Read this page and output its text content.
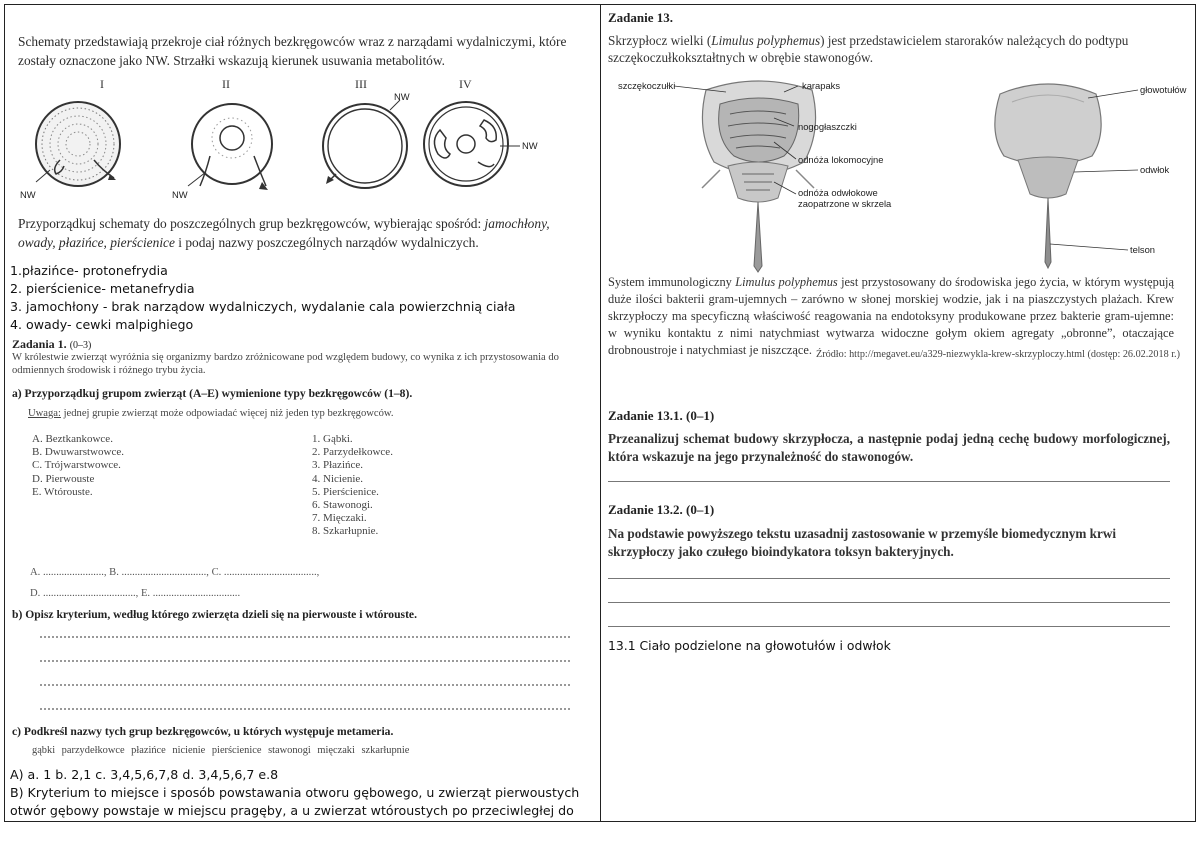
Schematy przedstawiają przekroje ciał różnych bezkręgowców wraz z narządami wydalniczymi, które zostały oznaczone jako NW. Strzałki wskazują kierunek usuwania metabolitów.
I	II	III	IV
NW	NW
NW
NW
Przyporządkuj schematy do poszczególnych grup bezkręgowców, wybierając spośród: jamochłony, owady, płazińce, pierścienice i podaj nazwy poszczególnych narządów wydalniczych.
1.płazińce- protonefrydia
2. pierścienice- metanefrydia
3. jamochłony - brak narządow wydalniczych, wydalanie cala powierzchnią ciała
4. owady- cewki malpighiego
Zadania 1. (0–3)
W królestwie zwierząt wyróżnia się organizmy bardzo zróżnicowane pod względem budowy, co wynika z ich przystosowania do odmiennych środowisk i różnego trybu życia.
a) Przyporządkuj grupom zwierząt (A–E) wymienione typy bezkręgowców (1–8).
Uwaga: jednej grupie zwierząt może odpowiadać więcej niż jeden typ bezkręgowców.
A. Beztkankowce.
B. Dwuwarstwowce.
C. Trójwarstwowce.
D. Pierwouste
E. Wtórouste.
1. Gąbki.
2. Parzydełkowce.
3. Płazińce.
4. Nicienie.
5. Pierścienice.
6. Stawonogi.
7. Mięczaki.
8. Szkarłupnie.
A. ......................., B. ................................, C. ...................................,
D. ..................................., E. .................................
b) Opisz kryterium, według którego zwierzęta dzieli się na pierwouste i wtórouste.
c) Podkreśl nazwy tych grup bezkręgowców, u których występuje metameria.
gąbki parzydełkowce płazińce nicienie pierścienice stawonogi mięczaki szkarłupnie
A) a. 1 b. 2,1 c. 3,4,5,6,7,8 d. 3,4,5,6,7 e.8
B) Kryterium to miejsce i sposób powstawania otworu gębowego, u zwierząt pierwoustych
otwór gębowy powstaje w miejscu pragęby, a u zwierzat wtóroustych po przeciwległej do
Zadanie 13.
Skrzypłocz wielki (Limulus polyphemus) jest przedstawicielem staroraków należących do podtypu szczękoczułkokształtnych w obrębie stawonogów.
szczękoczułki	karapaks
nogogłaszczki
odnóża lokomocyjne
odnóża odwłokowe
zaopatrzone w skrzela
głowotułów
odwłok
telson
System immunologiczny Limulus polyphemus jest przystosowany do środowiska jego życia, w którym występują duże ilości bakterii gram-ujemnych – zarówno w słonej morskiej wodzie, jak i na piaszczystych plażach. Krew skrzypłoczy ma specyficzną właściwość reagowania na endotoksyny produkowane przez bakterie gram-ujemne: w wyniku kontaktu z nimi natychmiast wytwarza widoczne gołym okiem agregaty „obronne”, otaczające drobnoustroje i natychmiast je niszczące. Źródło: http://megavet.eu/a329-niezwykla-krew-skrzyploczy.html (dostęp: 26.02.2018 r.)
Zadanie 13.1. (0–1)
Przeanalizuj schemat budowy skrzypłocza, a następnie podaj jedną cechę budowy morfologicznej, która wskazuje na jego przynależność do stawonogów.
Zadanie 13.2. (0–1)
Na podstawie powyższego tekstu uzasadnij zastosowanie w przemyśle biomedycznym krwi skrzypłoczy jako czułego bioindykatora toksyn bakteryjnych.
13.1 Ciało podzielone na głowotułów i odwłok
